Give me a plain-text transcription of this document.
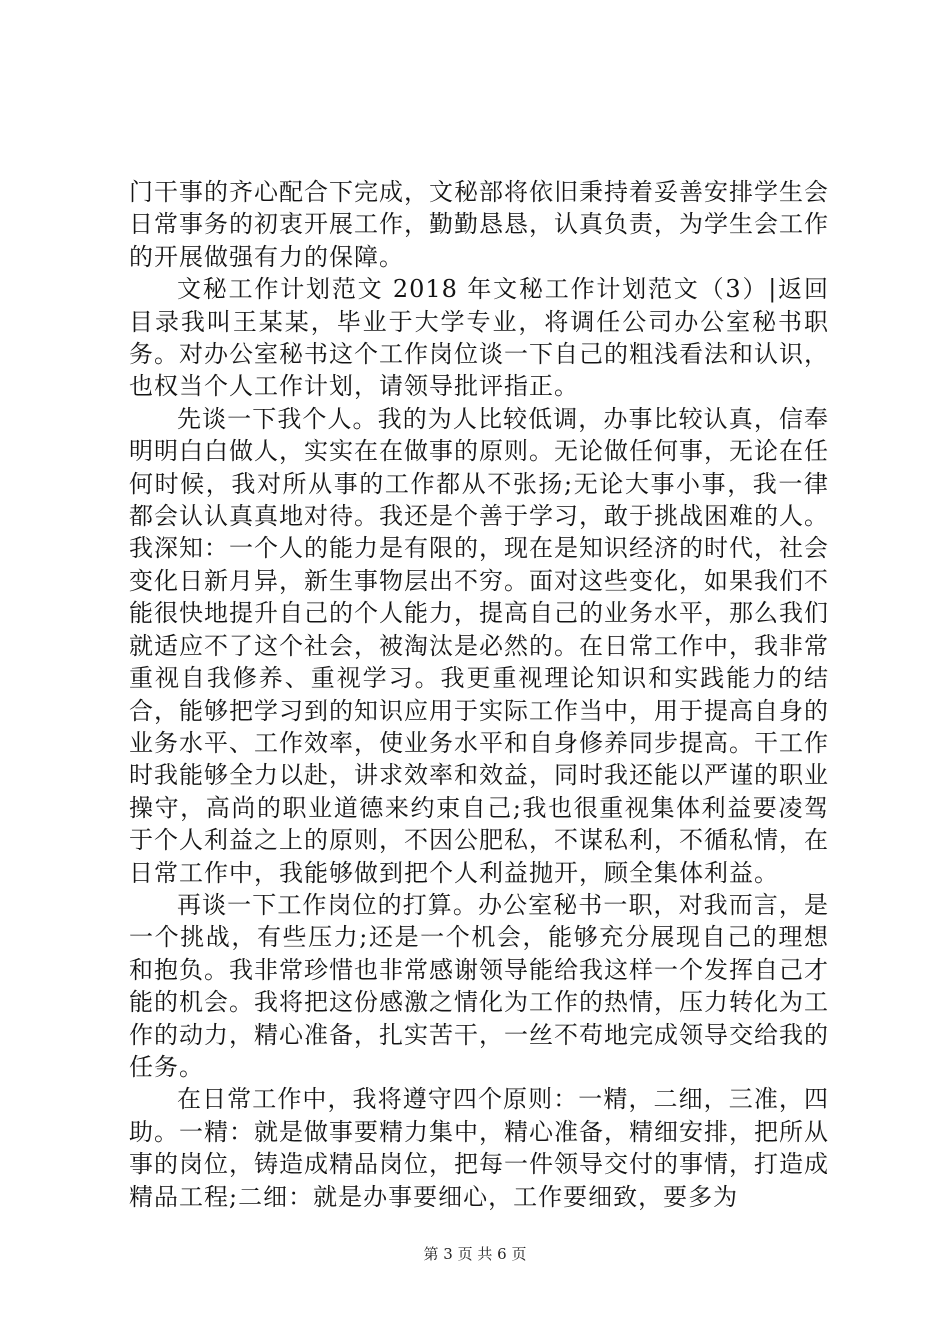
门干事的齐心配合下完成，文秘部将依旧秉持着妥善安排学生会日常事务的初衷开展工作，勤勤恳恳，认真负责，为学生会工作的开展做强有力的保障。

文秘工作计划范文 2018 年文秘工作计划范文（3）|返回目录我叫王某某，毕业于大学专业，将调任公司办公室秘书职务。对办公室秘书这个工作岗位谈一下自己的粗浅看法和认识，也权当个人工作计划，请领导批评指正。

先谈一下我个人。我的为人比较低调，办事比较认真，信奉明明白白做人，实实在在做事的原则。无论做任何事，无论在任何时候，我对所从事的工作都从不张扬;无论大事小事，我一律都会认认真真地对待。我还是个善于学习，敢于挑战困难的人。我深知：一个人的能力是有限的，现在是知识经济的时代，社会变化日新月异，新生事物层出不穷。面对这些变化，如果我们不能很快地提升自己的个人能力，提高自己的业务水平，那么我们就适应不了这个社会，被淘汰是必然的。在日常工作中，我非常重视自我修养、重视学习。我更重视理论知识和实践能力的结合，能够把学习到的知识应用于实际工作当中，用于提高自身的业务水平、工作效率，使业务水平和自身修养同步提高。干工作时我能够全力以赴，讲求效率和效益，同时我还能以严谨的职业操守，高尚的职业道德来约束自己;我也很重视集体利益要凌驾于个人利益之上的原则，不因公肥私，不谋私利，不循私情，在日常工作中，我能够做到把个人利益抛开，顾全集体利益。

再谈一下工作岗位的打算。办公室秘书一职，对我而言，是一个挑战，有些压力;还是一个机会，能够充分展现自己的理想和抱负。我非常珍惜也非常感谢领导能给我这样一个发挥自己才能的机会。我将把这份感激之情化为工作的热情，压力转化为工作的动力，精心准备，扎实苦干，一丝不苟地完成领导交给我的任务。

在日常工作中，我将遵守四个原则：一精，二细，三准，四助。一精：就是做事要精力集中，精心准备，精细安排，把所从事的岗位，铸造成精品岗位，把每一件领导交付的事情，打造成精品工程;二细：就是办事要细心，工作要细致，要多为

第 3 页 共 6 页
